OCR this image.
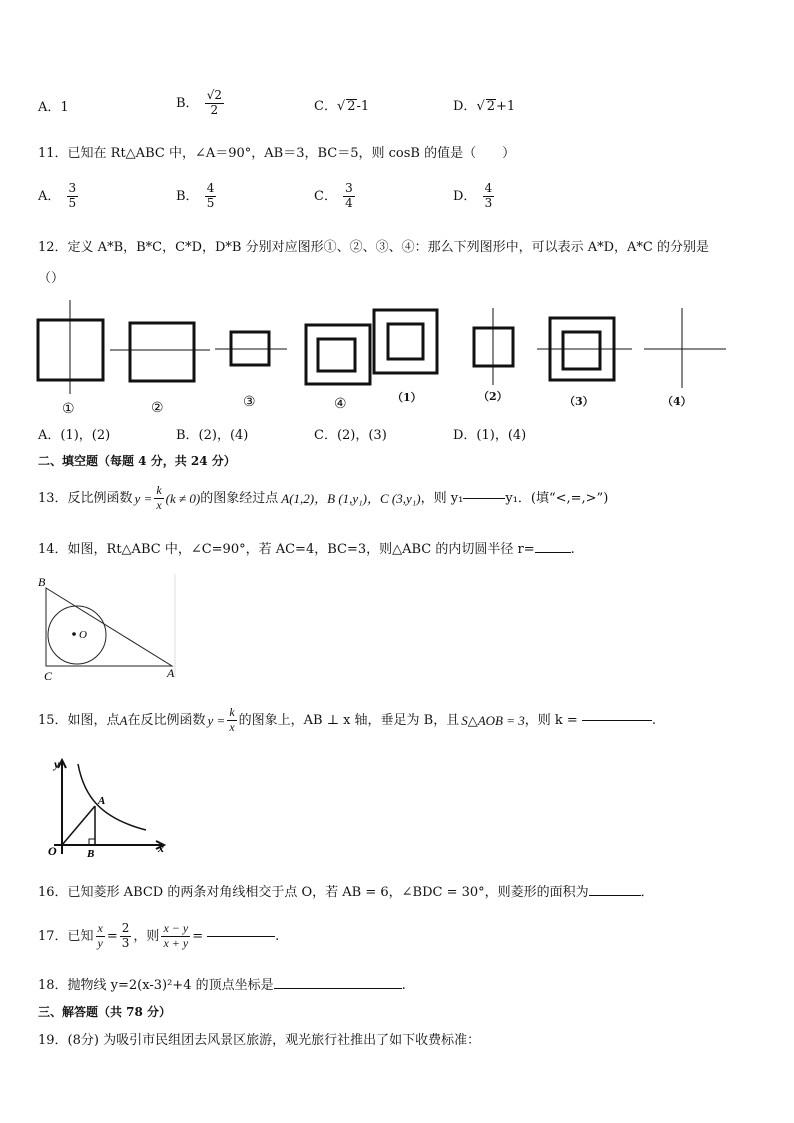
A．1	B． $\frac{√2}{2}$	C．√ 2-1	D．√ 2+1
11．已知在 Rt△ABC 中，∠A＝90°，AB＝3，BC＝5，则 cosB 的值是（　　）
A． $\frac{3}{5}$	B． $\frac{4}{5}$	C． $\frac{3}{4}$	D． $\frac{4}{3}$
12．定义 A*B，B*C，C*D，D*B 分别对应图形①、②、③、④：那么下列图形中，可以表示 A*D，A*C 的分别是
（）
①	②	③	④	（1）	（2）	（3）	（4）
A．(1)，(2)	B．(2)，(4)	C．(2)，(3)	D．(1)，(4)
二、填空题（每题 4 分，共 24 分）
13．反比例函数 $y = \frac{k}{x} (k \ne 0)$ 的图象经过点 A(1,2) ，B (1,y₁) ，C (3,y₁) ，则 y₁	y₁．(填“<,=,>”)
14．如图，Rt△ABC 中，∠C=90°，若 AC=4，BC=3，则△ABC 的内切圆半径 r=	.
B
C	A
O
15．如图，点 A 在反比例函数 $y = \frac{k}{x}$ 的图象上，AB ⊥ x 轴，垂足为 B，且 S△AOB = 3 ，则 k =	.
y
x
O
A
B
16．已知菱形 ABCD 的两条对角线相交于点 O，若 AB = 6，∠BDC = 30°，则菱形的面积为	．
17．已知 $\frac{x}{y} = \frac{2}{3}$ ，则 $\frac{x - y}{x + y}$ =	.
18．抛物线 y=2(x-3)²+4 的顶点坐标是	.
三、解答题（共 78 分）
19．(8分) 为吸引市民组团去风景区旅游，观光旅行社推出了如下收费标准：
